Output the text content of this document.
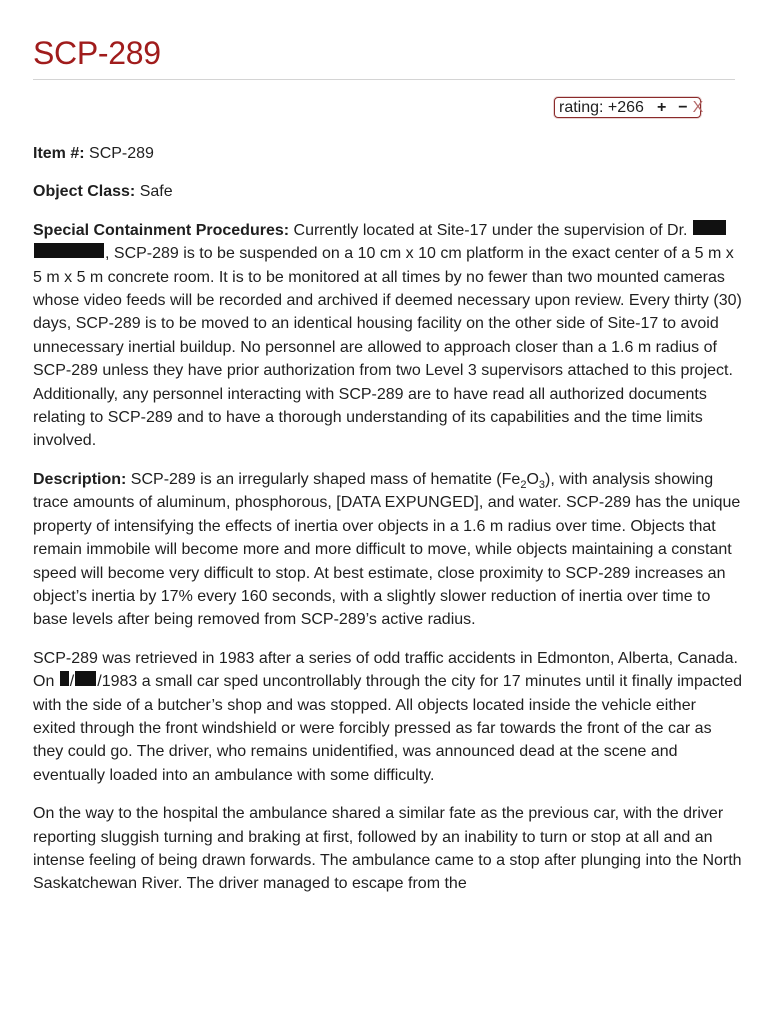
SCP-289
rating: +266 + − X

Item #: SCP-289

Object Class: Safe

Special Containment Procedures: Currently located at Site-17 under the supervision of Dr.  , SCP-289 is to be suspended on a 10 cm x 10 cm platform in the exact center of a 5 m x 5 m x 5 m concrete room. It is to be monitored at all times by no fewer than two mounted cameras whose video feeds will be recorded and archived if deemed necessary upon review. Every thirty (30) days, SCP-289 is to be moved to an identical housing facility on the other side of Site-17 to avoid unnecessary inertial buildup. No personnel are allowed to approach closer than a 1.6 m radius of SCP-289 unless they have prior authorization from two Level 3 supervisors attached to this project. Additionally, any personnel interacting with SCP-289 are to have read all authorized documents relating to SCP-289 and to have a thorough understanding of its capabilities and the time limits involved.

Description: SCP-289 is an irregularly shaped mass of hematite $(Fe_2O_3)$, with analysis showing trace amounts of aluminum, phosphorous, [DATA EXPUNGED], and water. SCP-289 has the unique property of intensifying the effects of inertia over objects in a 1.6 m radius over time. Objects that remain immobile will become more and more difficult to move, while objects maintaining a constant speed will become very difficult to stop. At best estimate, close proximity to SCP-289 increases an object’s inertia by 17% every 160 seconds, with a slightly slower reduction of inertia over time to base levels after being removed from SCP-289’s active radius.

SCP-289 was retrieved in 1983 after a series of odd traffic accidents in Edmonton, Alberta, Canada. On / /1983 a small car sped uncontrollably through the city for 17 minutes until it finally impacted with the side of a butcher’s shop and was stopped. All objects located inside the vehicle either exited through the front windshield or were forcibly pressed as far towards the front of the car as they could go. The driver, who remains unidentified, was announced dead at the scene and eventually loaded into an ambulance with some difficulty.

On the way to the hospital the ambulance shared a similar fate as the previous car, with the driver reporting sluggish turning and braking at first, followed by an inability to turn or stop at all and an intense feeling of being drawn forwards. The ambulance came to a stop after plunging into the North Saskatchewan River. The driver managed to escape from the
